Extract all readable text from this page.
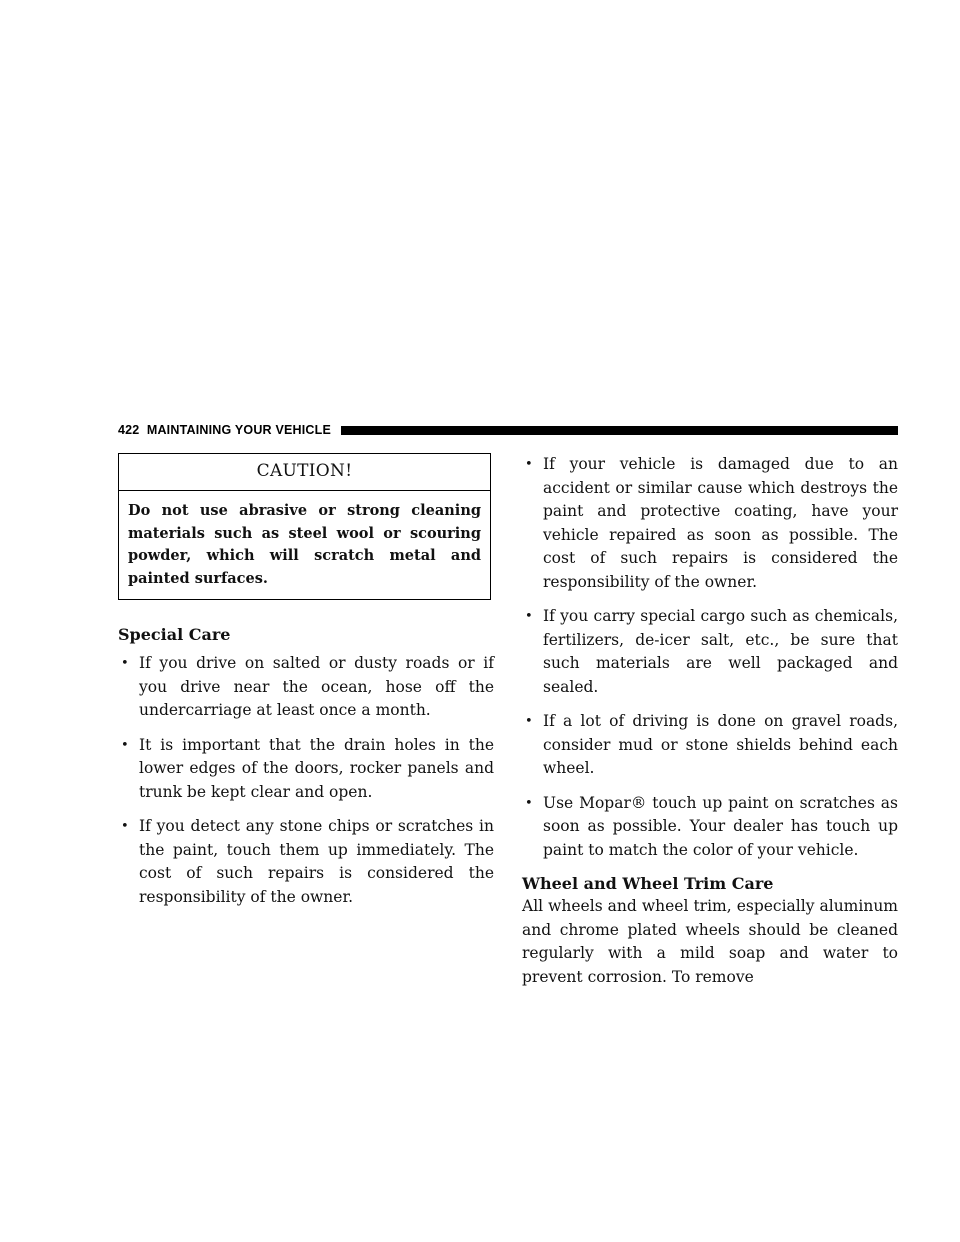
422 MAINTAINING YOUR VEHICLE
CAUTION!
Do not use abrasive or strong cleaning materials such as steel wool or scouring powder, which will scratch metal and painted surfaces.
Special Care
• If you drive on salted or dusty roads or if you drive near the ocean, hose off the undercarriage at least once a month.
• It is important that the drain holes in the lower edges of the doors, rocker panels and trunk be kept clear and open.
• If you detect any stone chips or scratches in the paint, touch them up immediately. The cost of such repairs is considered the responsibility of the owner.
• If your vehicle is damaged due to an accident or similar cause which destroys the paint and protective coating, have your vehicle repaired as soon as possible. The cost of such repairs is considered the responsibility of the owner.
• If you carry special cargo such as chemicals, fertilizers, de-icer salt, etc., be sure that such materials are well packaged and sealed.
• If a lot of driving is done on gravel roads, consider mud or stone shields behind each wheel.
• Use Mopar® touch up paint on scratches as soon as possible. Your dealer has touch up paint to match the color of your vehicle.
Wheel and Wheel Trim Care

All wheels and wheel trim, especially aluminum and chrome plated wheels should be cleaned regularly with a mild soap and water to prevent corrosion. To remove
